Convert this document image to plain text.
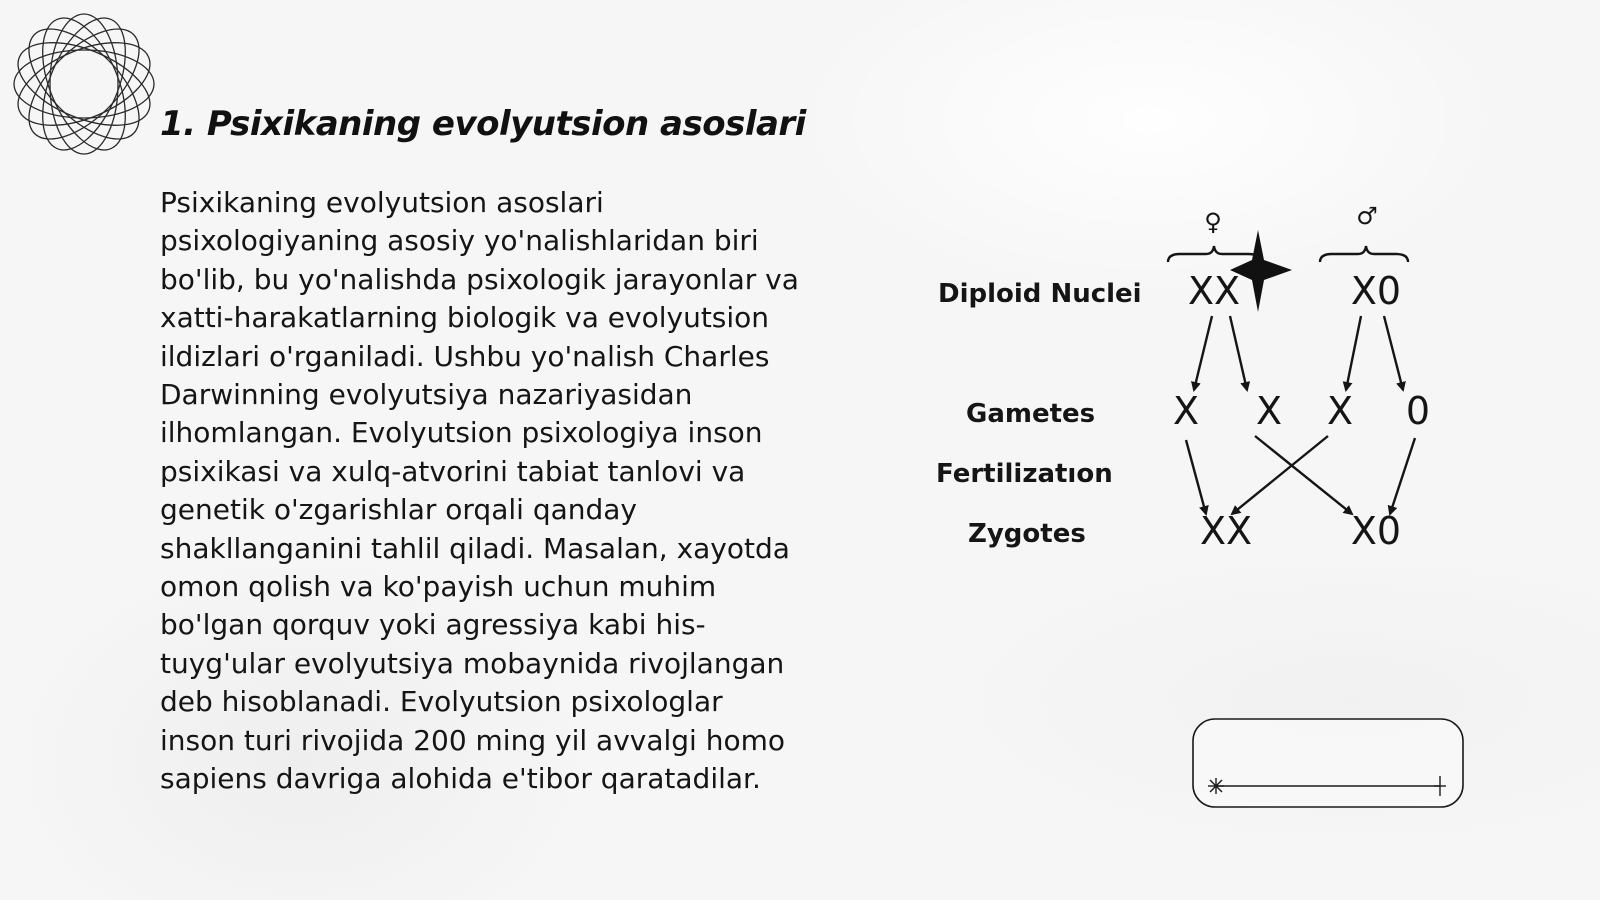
1. Psixikaning evolyutsion asoslari

Psixikaning evolyutsion asoslari
psixologiyaning asosiy yo'nalishlaridan biri
bo'lib, bu yo'nalishda psixologik jarayonlar va
xatti-harakatlarning biologik va evolyutsion
ildizlari o'rganiladi. Ushbu yo'nalish Charles
Darwinning evolyutsiya nazariyasidan
ilhomlangan. Evolyutsion psixologiya inson
psixikasi va xulq-atvorini tabiat tanlovi va
genetik o'zgarishlar orqali qanday
shakllanganini tahlil qiladi. Masalan, xayotda
omon qolish va ko'payish uchun muhim
bo'lgan qorquv yoki agressiya kabi his-
tuyg'ular evolyutsiya mobaynida rivojlangan
deb hisoblanadi. Evolyutsion psixologlar
inson turi rivojida 200 ming yil avvalgi homo
sapiens davriga alohida e'tibor qaratadilar.

♀	♂
Diploid Nuclei
Gametes
Fertilizatıon
Zygotes
XX	X0
X X X 0
XX	X0
